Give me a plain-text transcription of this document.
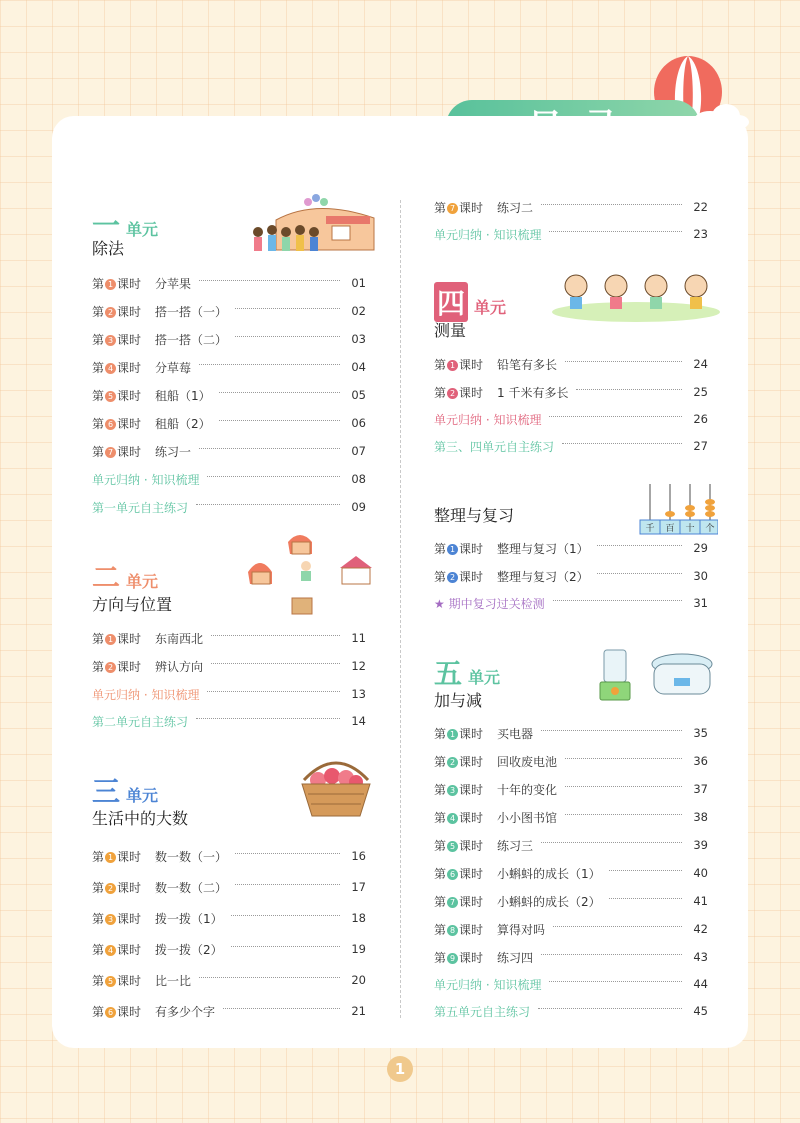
一 单元
除法
第 1 课时 分苹果	01
第 2 课时 搭一搭（一）	02
第 3 课时 搭一搭（二）	03
第 4 课时 分草莓	04
第 5 课时 租船（1）	05
第 6 课时 租船（2）	06
第 7 课时 练习一	07
单元归纳 · 知识梳理	08
第一单元自主练习	09
二 单元
方向与位置
第 1 课时 东南西北	11
第 2 课时 辨认方向	12
单元归纳 · 知识梳理	13
第二单元自主练习	14
三 单元
生活中的大数
第 1 课时 数一数（一）	16
第 2 课时 数一数（二）	17
第 3 课时 拨一拨（1）	18
第 4 课时 拨一拨（2）	19
第 5 课时 比一比	20
第 6 课时 有多少个字	21
第 7 课时 练习二	22
单元归纳 · 知识梳理	23
四 单元
测量
第 1 课时 铅笔有多长	24
第 2 课时 1 千米有多长	25
单元归纳 · 知识梳理	26
第三、四单元自主练习	27
整理与复习
千 百 十 个
第 1 课时 整理与复习（1）	29
第 2 课时 整理与复习（2）	30
★ 期中复习过关检测	31
五 单元
加与减
第 1 课时 买电器	35
第 2 课时 回收废电池	36
第 3 课时 十年的变化	37
第 4 课时 小小图书馆	38
第 5 课时 练习三	39
第 6 课时 小蝌蚪的成长（1）	40
第 7 课时 小蝌蚪的成长（2）	41
第 8 课时 算得对吗	42
第 9 课时 练习四	43
单元归纳 · 知识梳理	44
第五单元自主练习	45
1
